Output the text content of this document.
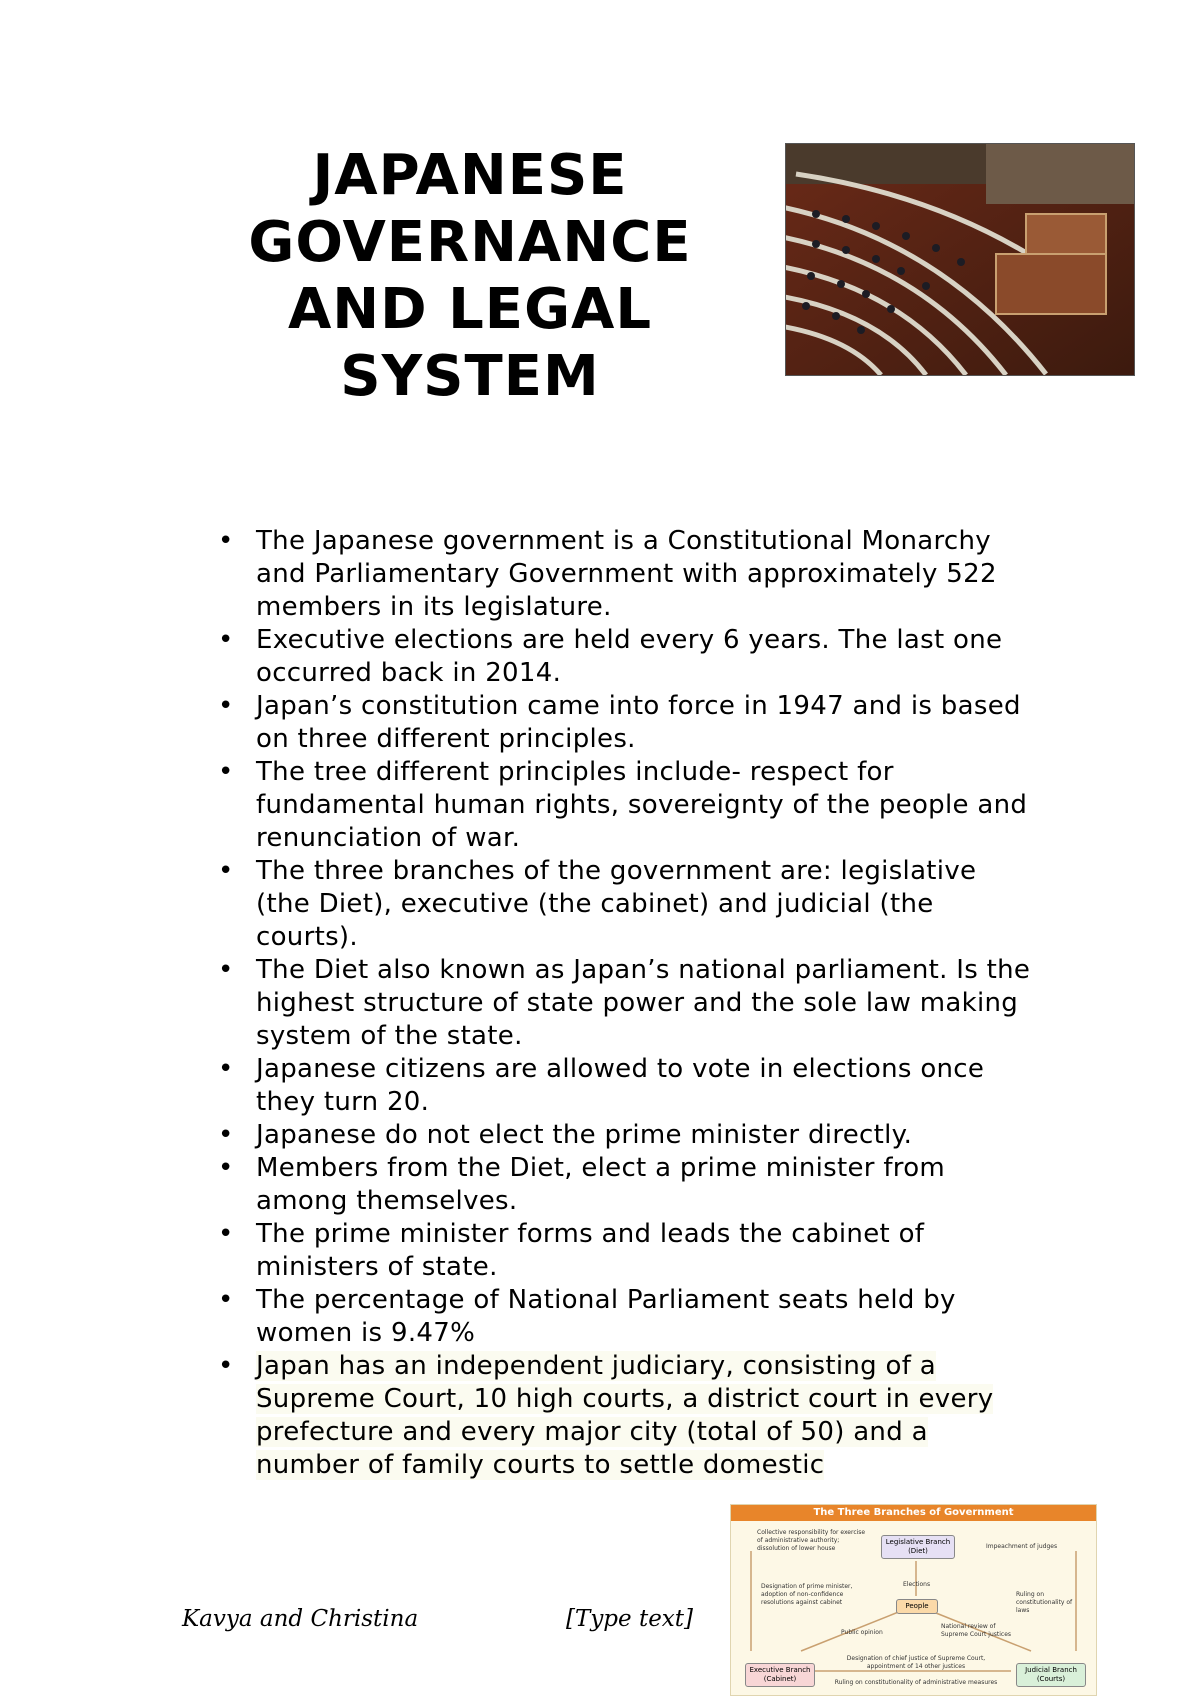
JAPANESE GOVERNANCE AND LEGAL SYSTEM
• The Japanese government is a Constitutional Monarchy and Parliamentary Government with approximately 522 members in its legislature.
• Executive elections are held every 6 years. The last one occurred back in 2014.
• Japan’s constitution came into force in 1947 and is based on three different principles.
• The tree different principles include- respect for fundamental human rights, sovereignty of the people and renunciation of war.
• The three branches of the government are: legislative (the Diet), executive (the cabinet) and judicial (the courts).
• The Diet also known as Japan’s national parliament. Is the highest structure of state power and the sole law making system of the state.
• Japanese citizens are allowed to vote in elections once they turn 20.
• Japanese do not elect the prime minister directly.
• Members from the Diet, elect a prime minister from among themselves.
• The prime minister forms and leads the cabinet of ministers of state.
• The percentage of National Parliament seats held by women is 9.47%
• Japan has an independent judiciary, consisting of a Supreme Court, 10 high courts, a district court in every prefecture and every major city (total of 50) and a number of family courts to settle domestic
Kavya and Christina	[Type text]
The Three Branches of Government
Legislative Branch (Diet)
People
Executive Branch (Cabinet)
Judicial Branch (Courts)
Collective responsibility for exercise of administrative authority; dissolution of lower house	Impeachment of judges
Elections
Designation of prime minister, adoption of non-confidence resolutions against cabinet
Ruling on constitutionality of laws
Public opinion
National review of Supreme Court justices
Designation of chief justice of Supreme Court, appointment of 14 other justices
Ruling on constitutionality of administrative measures
